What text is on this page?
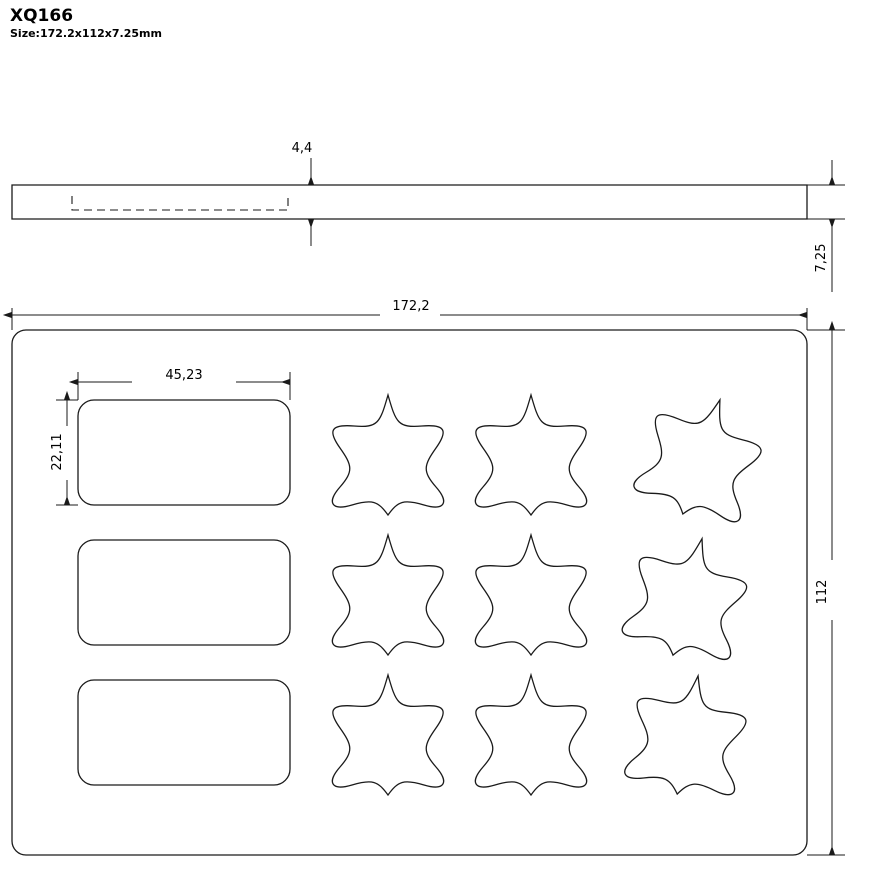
XQ166
Size:172.2x112x7.25mm
4,4
7,25
172,2
112
45,23
22,11
